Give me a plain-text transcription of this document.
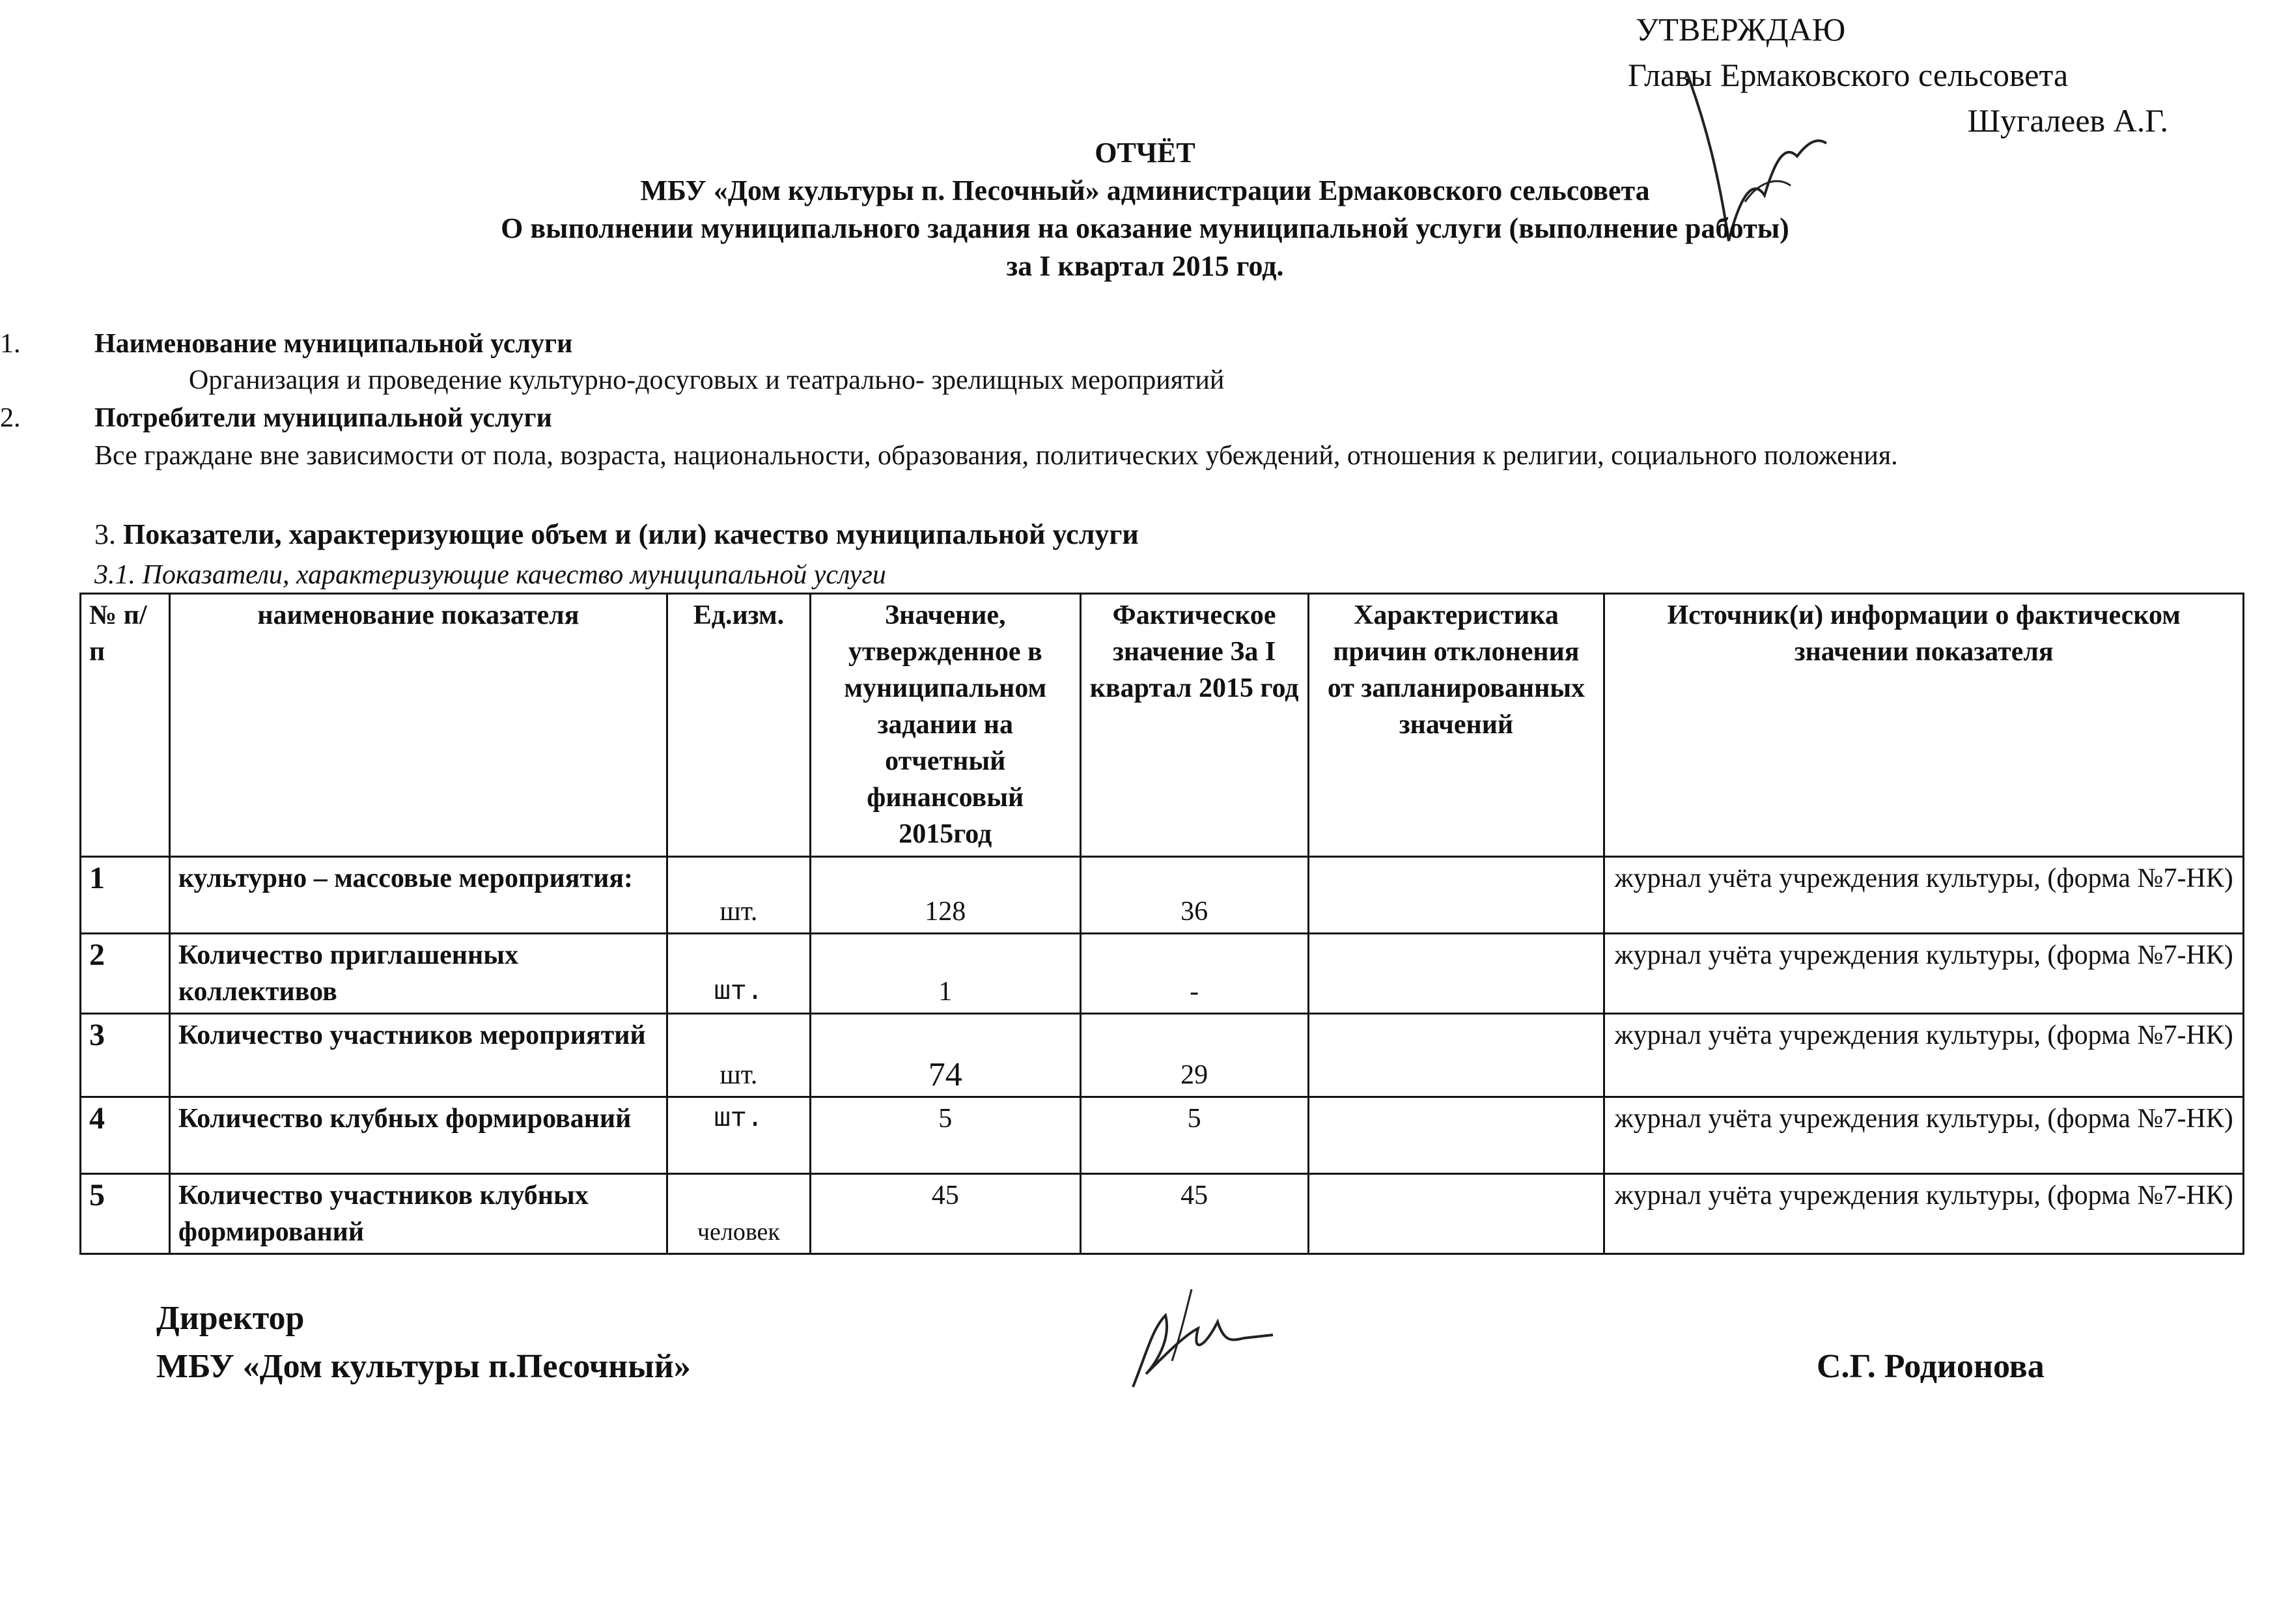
УТВЕРЖДАЮ
Главы Ермаковского сельсовета
Шугалеев А.Г.
ОТЧЁТ
МБУ «Дом культуры п. Песочный» администрации Ермаковского сельсовета
О выполнении муниципального задания на оказание муниципальной услуги (выполнение работы)
за I квартал 2015 год.
1.	Наименование муниципальной услуги
Организация и проведение культурно-досуговых и театрально- зрелищных мероприятий
2.	Потребители муниципальной услуги
Все граждане вне зависимости от пола, возраста, национальности, образования, политических убеждений, отношения к религии, социального положения.
3. Показатели, характеризующие объем и (или) качество муниципальной услуги
3.1. Показатели, характеризующие качество муниципальной услуги
№ п/п	наименование показателя	Ед.изм.	Значение, утвержденное в муниципальном задании на отчетный финансовый 2015год	Фактическое значение За I квартал 2015 год	Характеристика причин отклонения от запланированных значений	Источник(и) информации о фактическом значении показателя
1	культурно – массовые мероприятия:	шт.	128	36		журнал учёта учреждения культуры, (форма №7-НК)
2	Количество приглашенных коллективов	шт.	1	-		журнал учёта учреждения культуры, (форма №7-НК)
3	Количество участников мероприятий	шт.	74	29		журнал учёта учреждения культуры, (форма №7-НК)
4	Количество клубных формирований	шт.	5	5		журнал учёта учреждения культуры, (форма №7-НК)
5	Количество участников клубных формирований	человек	45	45		журнал учёта учреждения культуры, (форма №7-НК)
Директор
МБУ «Дом культуры п.Песочный»	С.Г. Родионова
